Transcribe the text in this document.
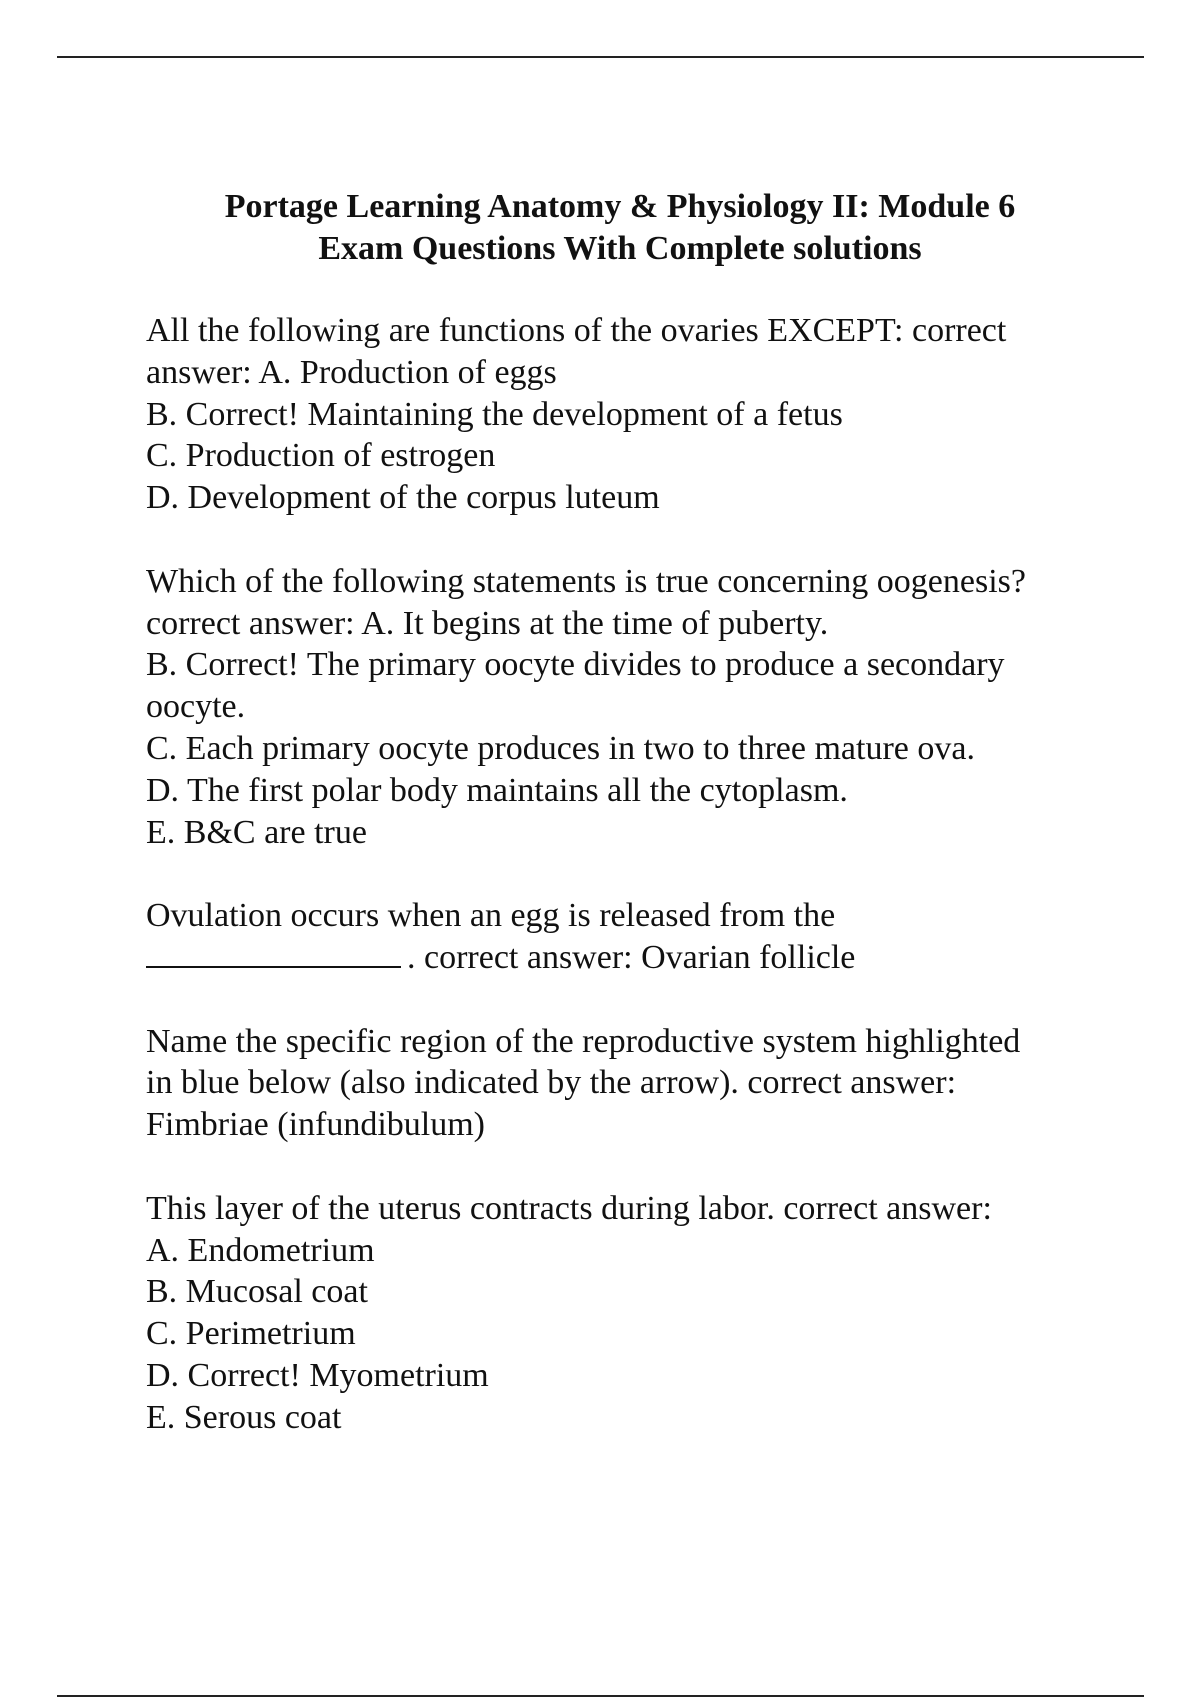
Portage Learning Anatomy & Physiology II: Module 6
Exam Questions With Complete solutions
All the following are functions of the ovaries EXCEPT: correct
answer: A. Production of eggs
B. Correct! Maintaining the development of a fetus
C. Production of estrogen
D. Development of the corpus luteum
Which of the following statements is true concerning oogenesis?
correct answer: A. It begins at the time of puberty.
B. Correct! The primary oocyte divides to produce a secondary
oocyte.
C. Each primary oocyte produces in two to three mature ova.
D. The first polar body maintains all the cytoplasm.
E. B&C are true
Ovulation occurs when an egg is released from the
. correct answer: Ovarian follicle
Name the specific region of the reproductive system highlighted
in blue below (also indicated by the arrow). correct answer:
Fimbriae (infundibulum)
This layer of the uterus contracts during labor. correct answer:
A. Endometrium
B. Mucosal coat
C. Perimetrium
D. Correct! Myometrium
E. Serous coat
